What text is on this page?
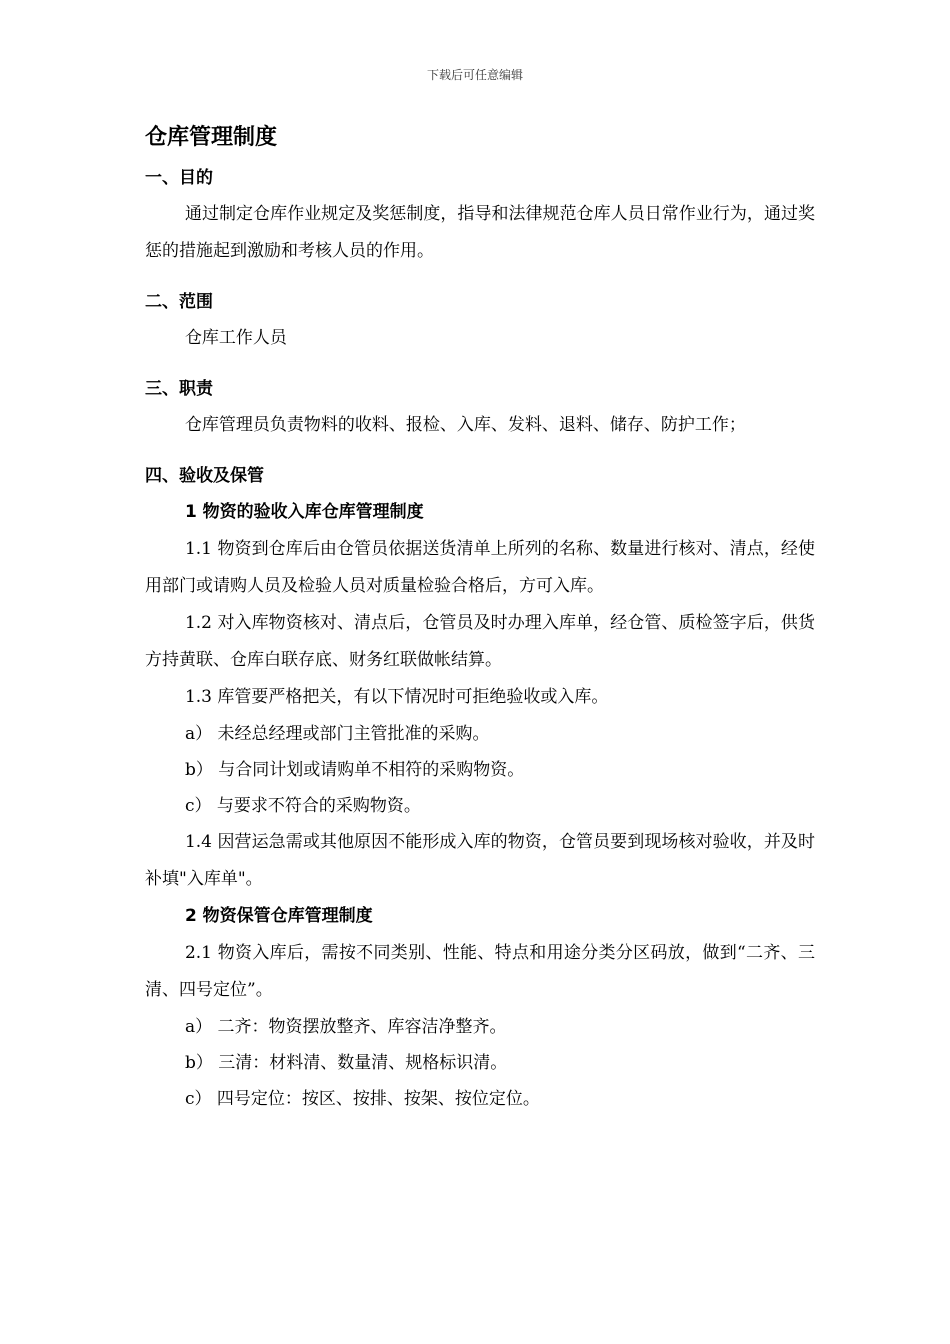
下载后可任意编辑
仓库管理制度
一、目的

通过制定仓库作业规定及奖惩制度，指导和法律规范仓库人员日常作业行为，通过奖惩的措施起到激励和考核人员的作用。

二、范围

仓库工作人员

三、职责

仓库管理员负责物料的收料、报检、入库、发料、退料、储存、防护工作；

四、验收及保管

1 物资的验收入库仓库管理制度

1.1 物资到仓库后由仓管员依据送货清单上所列的名称、数量进行核对、清点，经使用部门或请购人员及检验人员对质量检验合格后，方可入库。

1.2 对入库物资核对、清点后，仓管员及时办理入库单，经仓管、质检签字后，供货方持黄联、仓库白联存底、财务红联做帐结算。

1.3 库管要严格把关，有以下情况时可拒绝验收或入库。

a） 未经总经理或部门主管批准的采购。

b） 与合同计划或请购单不相符的采购物资。

c） 与要求不符合的采购物资。

1.4 因营运急需或其他原因不能形成入库的物资，仓管员要到现场核对验收，并及时补填"入库单"。

2 物资保管仓库管理制度

2.1 物资入库后，需按不同类别、性能、特点和用途分类分区码放，做到“二齐、三清、四号定位”。

a） 二齐：物资摆放整齐、库容洁净整齐。

b） 三清：材料清、数量清、规格标识清。

c） 四号定位：按区、按排、按架、按位定位。
